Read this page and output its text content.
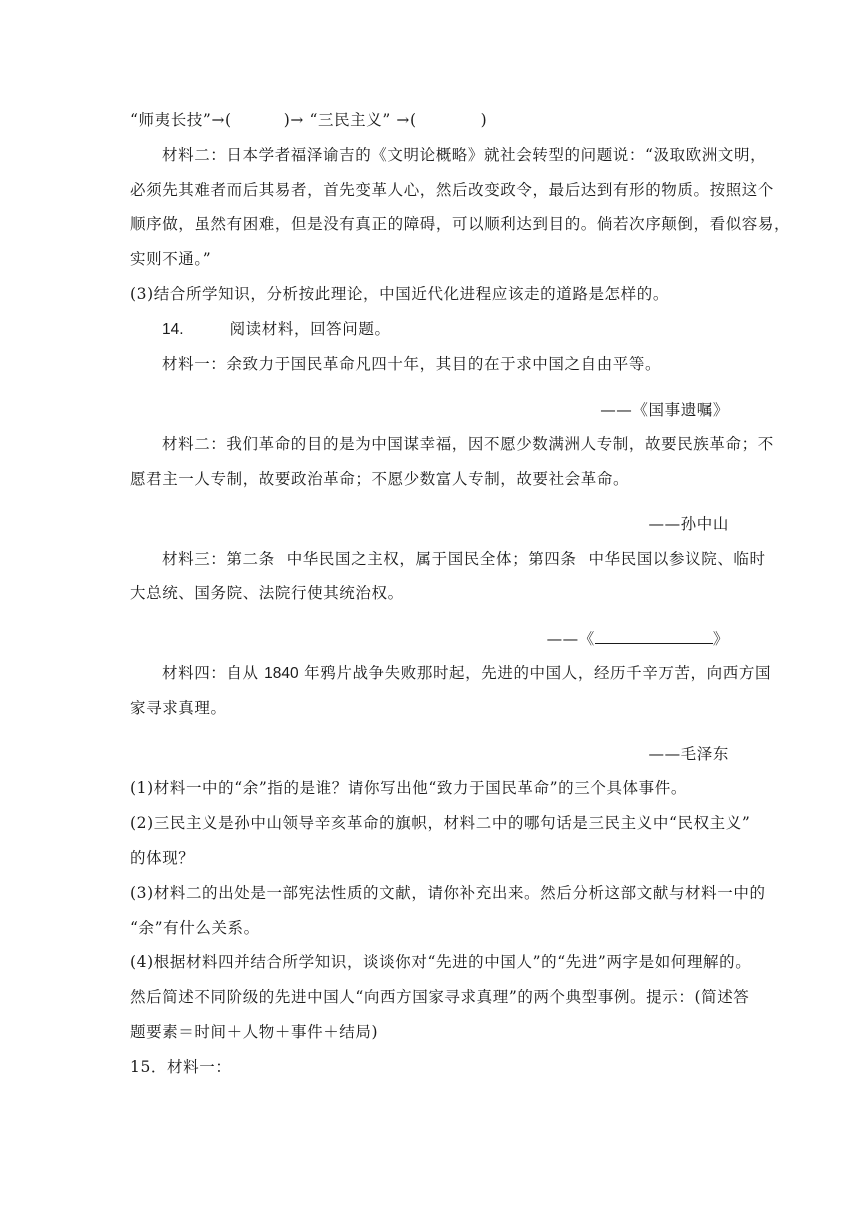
“师夷长技”→(	)→ “三民主义” →(	)
材料二：日本学者福泽谕吉的《文明论概略》就社会转型的问题说：“汲取欧洲文明，
必须先其难者而后其易者，首先变革人心，然后改变政令，最后达到有形的物质。按照这个
顺序做，虽然有困难，但是没有真正的障碍，可以顺利达到目的。倘若次序颠倒，看似容易，
实则不通。”
(3)结合所学知识，分析按此理论，中国近代化进程应该走的道路是怎样的。
14.	阅读材料，回答问题。
材料一：余致力于国民革命凡四十年，其目的在于求中国之自由平等。
——《国事遗嘱》
材料二：我们革命的目的是为中国谋幸福，因不愿少数满洲人专制，故要民族革命；不
愿君主一人专制，故要政治革命；不愿少数富人专制，故要社会革命。
——孙中山
材料三：第二条 中华民国之主权，属于国民全体；第四条 中华民国以参议院、临时
大总统、国务院、法院行使其统治权。
——《	》
材料四：自从 1840 年鸦片战争失败那时起，先进的中国人，经历千辛万苦，向西方国
家寻求真理。
——毛泽东
(1)材料一中的“余”指的是谁？请你写出他“致力于国民革命”的三个具体事件。
(2)三民主义是孙中山领导辛亥革命的旗帜，材料二中的哪句话是三民主义中“民权主义”
的体现？
(3)材料二的出处是一部宪法性质的文献，请你补充出来。然后分析这部文献与材料一中的
“余”有什么关系。
(4)根据材料四并结合所学知识，谈谈你对“先进的中国人”的“先进”两字是如何理解的。
然后简述不同阶级的先进中国人“向西方国家寻求真理”的两个典型事例。提示：(简述答
题要素＝时间＋人物＋事件＋结局)
15．材料一：
